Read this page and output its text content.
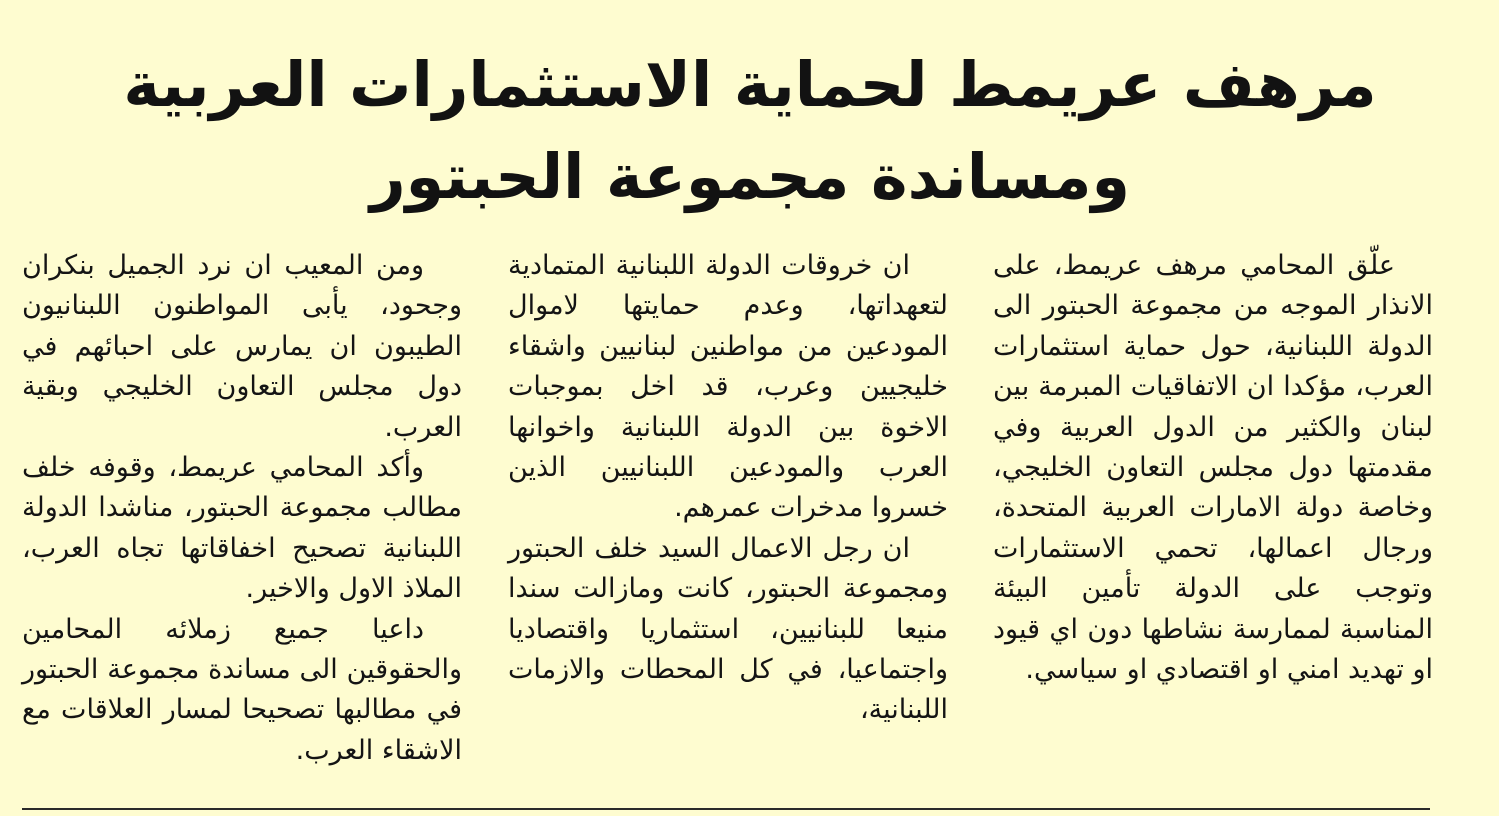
مرهف عريمط لحماية الاستثمارات العربية
ومساندة مجموعة الحبتور

علّق المحامي مرهف عريمط، على الانذار الموجه من مجموعة الحبتور الى الدولة اللبنانية، حول حماية استثمارات العرب، مؤكدا ان الاتفاقيات المبرمة بين لبنان والكثير من الدول العربية وفي مقدمتها دول مجلس التعاون الخليجي، وخاصة دولة الامارات العربية المتحدة، ورجال اعمالها، تحمي الاستثمارات وتوجب على الدولة تأمين البيئة المناسبة لممارسة نشاطها دون اي قيود او تهديد امني او اقتصادي او سياسي.

ان خروقات الدولة اللبنانية المتمادية لتعهداتها، وعدم حمايتها لاموال المودعين من مواطنين لبنانيين واشقاء خليجيين وعرب، قد اخل بموجبات الاخوة بين الدولة اللبنانية واخوانها العرب والمودعين اللبنانيين الذين خسروا مدخرات عمرهم.

ان رجل الاعمال السيد خلف الحبتور ومجموعة الحبتور، كانت ومازالت سندا منيعا للبنانيين، استثماريا واقتصاديا واجتماعيا، في كل المحطات والازمات اللبنانية،

ومن المعيب ان نرد الجميل بنكران وجحود، يأبى المواطنون اللبنانيون الطيبون ان يمارس على احبائهم في دول مجلس التعاون الخليجي وبقية العرب.

وأكد المحامي عريمط، وقوفه خلف مطالب مجموعة الحبتور، مناشدا الدولة اللبنانية تصحيح اخفاقاتها تجاه العرب، الملاذ الاول والاخير.

داعيا جميع زملائه المحامين والحقوقين الى مساندة مجموعة الحبتور في مطالبها تصحيحا لمسار العلاقات مع الاشقاء العرب.
